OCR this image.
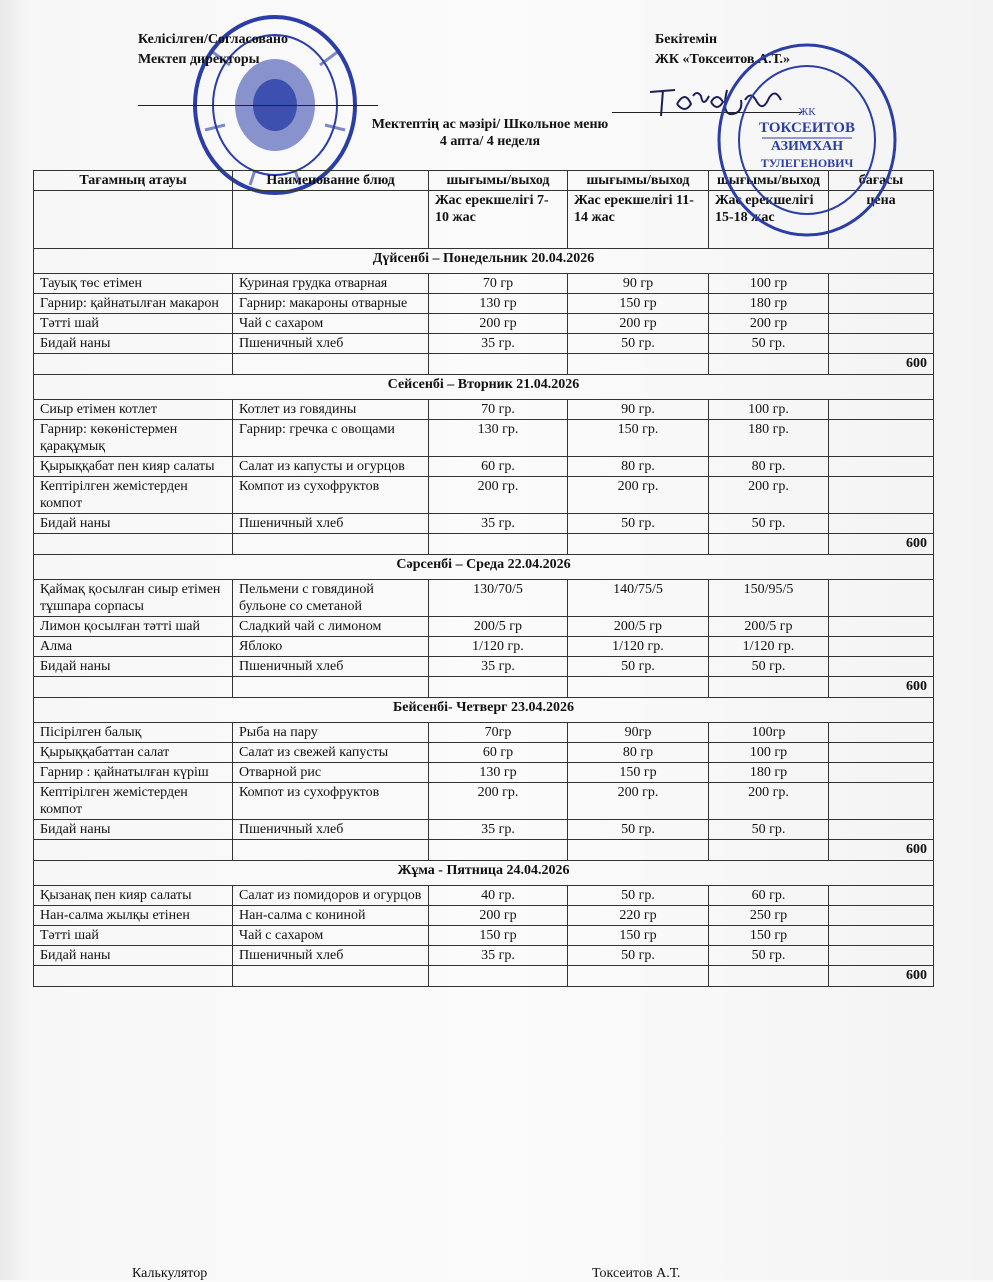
Келісілген/Согласовано
Мектеп директоры
Бекітемін
ЖК «Токсеитов А.Т.»
Мектептің ас мәзірі/ Школьное меню
4 апта/ 4 неделя
Тағамның атауы	Наименование блюд	шығымы/выход	шығымы/выход	шығымы/выход	бағасы
		Жас ерекшелігі 7-10 жас	Жас ерекшелігі 11-14 жас	Жас ерекшелігі 15-18 жас	цена
Дүйсенбі – Понедельник 20.04.2026					
Тауық төс етімен	Куриная грудка отварная	70 гр	90 гр	100 гр	
Гарнир: қайнатылған макарон	Гарнир: макароны отварные	130 гр	150 гр	180 гр	
Тәтті шай	Чай с сахаром	200 гр	200 гр	200 гр	
Бидай наны	Пшеничный хлеб	35 гр.	50 гр.	50 гр.	
					600
Сейсенбі – Вторник 21.04.2026					
Сиыр етімен котлет	Котлет из говядины	70 гр.	90 гр.	100 гр.	
Гарнир: көкөністермен қарақұмық	Гарнир: гречка с овощами	130 гр.	150 гр.	180 гр.	
Қырыққабат пен кияр салаты	Салат из капусты и огурцов	60 гр.	80 гр.	80 гр.	
Кептірілген жемістерден компот	Компот из сухофруктов	200 гр.	200 гр.	200 гр.	
Бидай наны	Пшеничный хлеб	35 гр.	50 гр.	50 гр.	
					600
Сәрсенбі – Среда 22.04.2026					
Қаймақ қосылған сиыр етімен тұшпара сорпасы	Пельмени с говядиной бульоне со сметаной	130/70/5	140/75/5	150/95/5	
Лимон қосылған тәтті шай	Сладкий чай с лимоном	200/5 гр	200/5 гр	200/5 гр	
Алма	Яблоко	1/120 гр.	1/120 гр.	1/120 гр.	
Бидай наны	Пшеничный хлеб	35 гр.	50 гр.	50 гр.	
					600
Бейсенбі- Четверг 23.04.2026					
Пісірілген балық	Рыба на пару	70гр	90гр	100гр	
Қырыққабаттан салат	Салат из свежей капусты	60 гр	80 гр	100 гр	
Гарнир : қайнатылған күріш	Отварной рис	130 гр	150 гр	180 гр	
Кептірілген жемістерден компот	Компот из сухофруктов	200 гр.	200 гр.	200 гр.	
Бидай наны	Пшеничный хлеб	35 гр.	50 гр.	50 гр.	
					600
Жұма - Пятница 24.04.2026					
Қызанақ пен кияр салаты	Салат из помидоров и огурцов	40 гр.	50 гр.	60 гр.	
Нан-салма жылқы етінен	Нан-салма с кониной	200 гр	220 гр	250 гр	
Тәтті шай	Чай с сахаром	150 гр	150 гр	150 гр	
Бидай наны	Пшеничный хлеб	35 гр.	50 гр.	50 гр.	
					600
ЖК
ТОКСЕИТОВ
АЗИМХАН
ТУЛЕГЕНОВИЧ
Калькулятор	Токсеитов А.Т.
